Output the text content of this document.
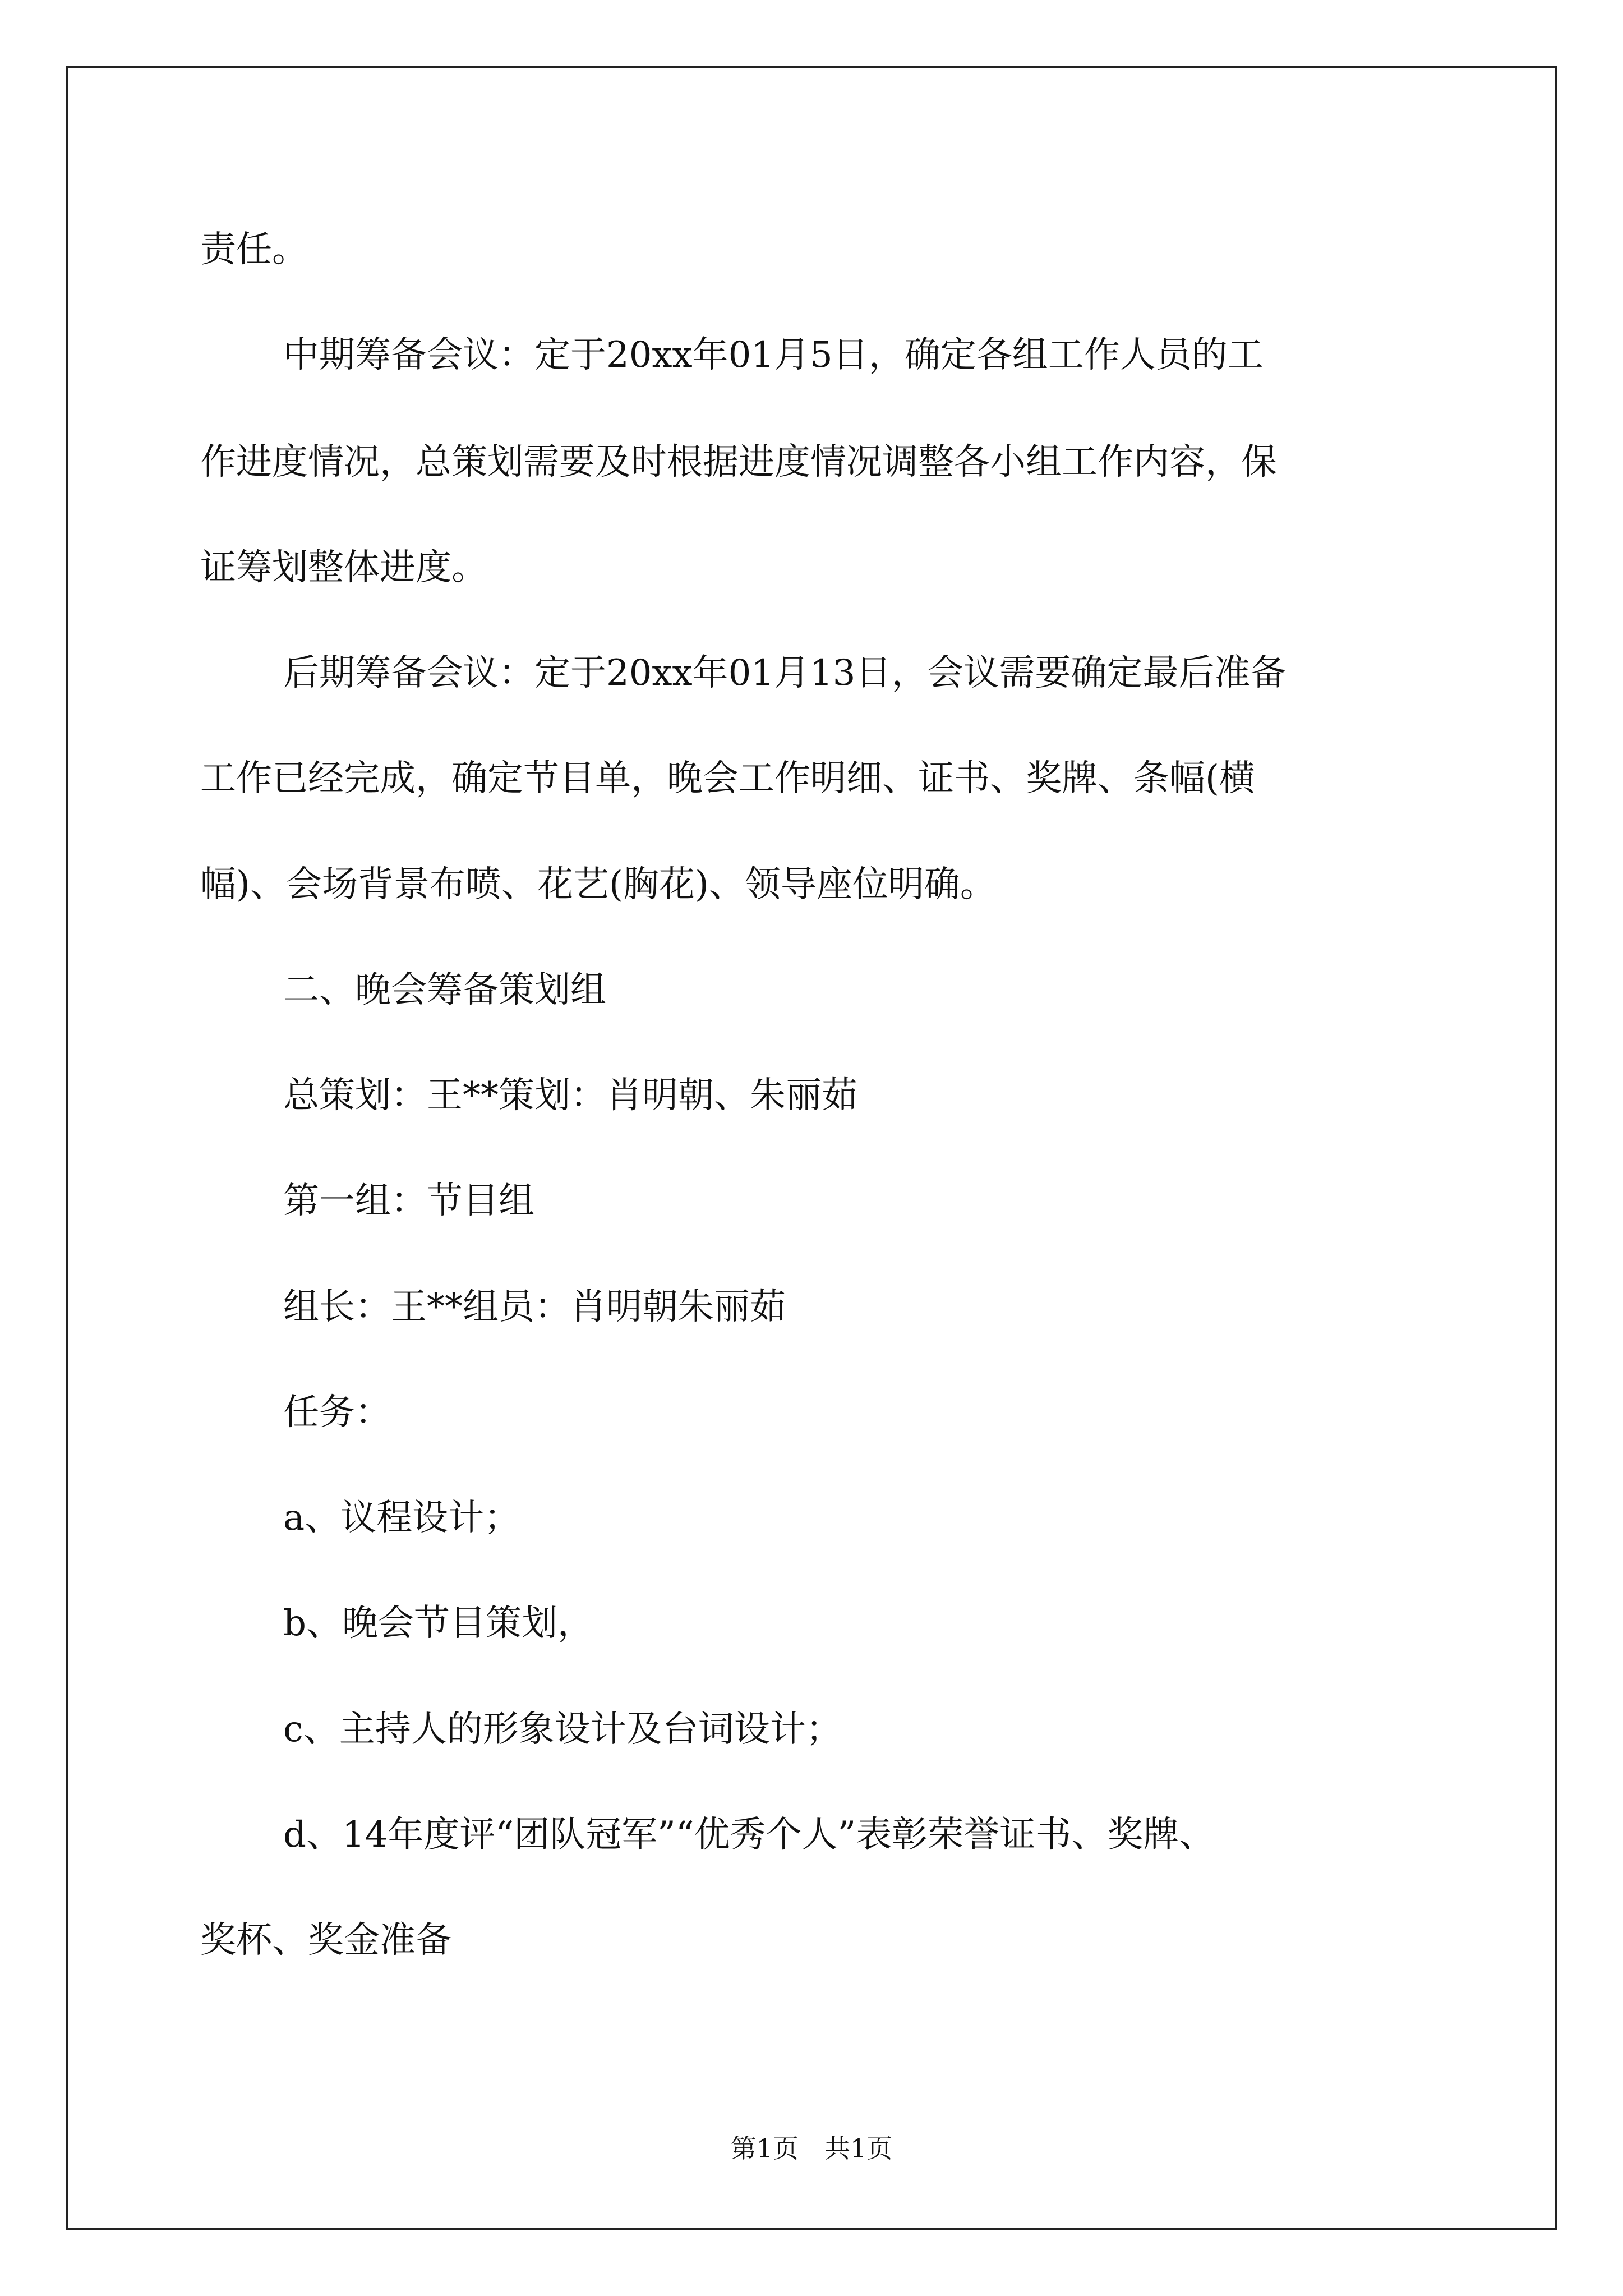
责任。
中期筹备会议：定于20xx年01月5日，确定各组工作人员的工
作进度情况，总策划需要及时根据进度情况调整各小组工作内容，保
证筹划整体进度。
后期筹备会议：定于20xx年01月13日，会议需要确定最后准备
工作已经完成，确定节目单，晚会工作明细、证书、奖牌、条幅(横
幅)、会场背景布喷、花艺(胸花)、领导座位明确。
二、晚会筹备策划组
总策划：王**策划：肖明朝、朱丽茹
第一组：节目组
组长：王**组员：肖明朝朱丽茹
任务：
a、议程设计；
b、晚会节目策划，
c、主持人的形象设计及台词设计；
d、14年度评“团队冠军”“优秀个人”表彰荣誉证书、奖牌、
奖杯、奖金准备
第1页　共1页
